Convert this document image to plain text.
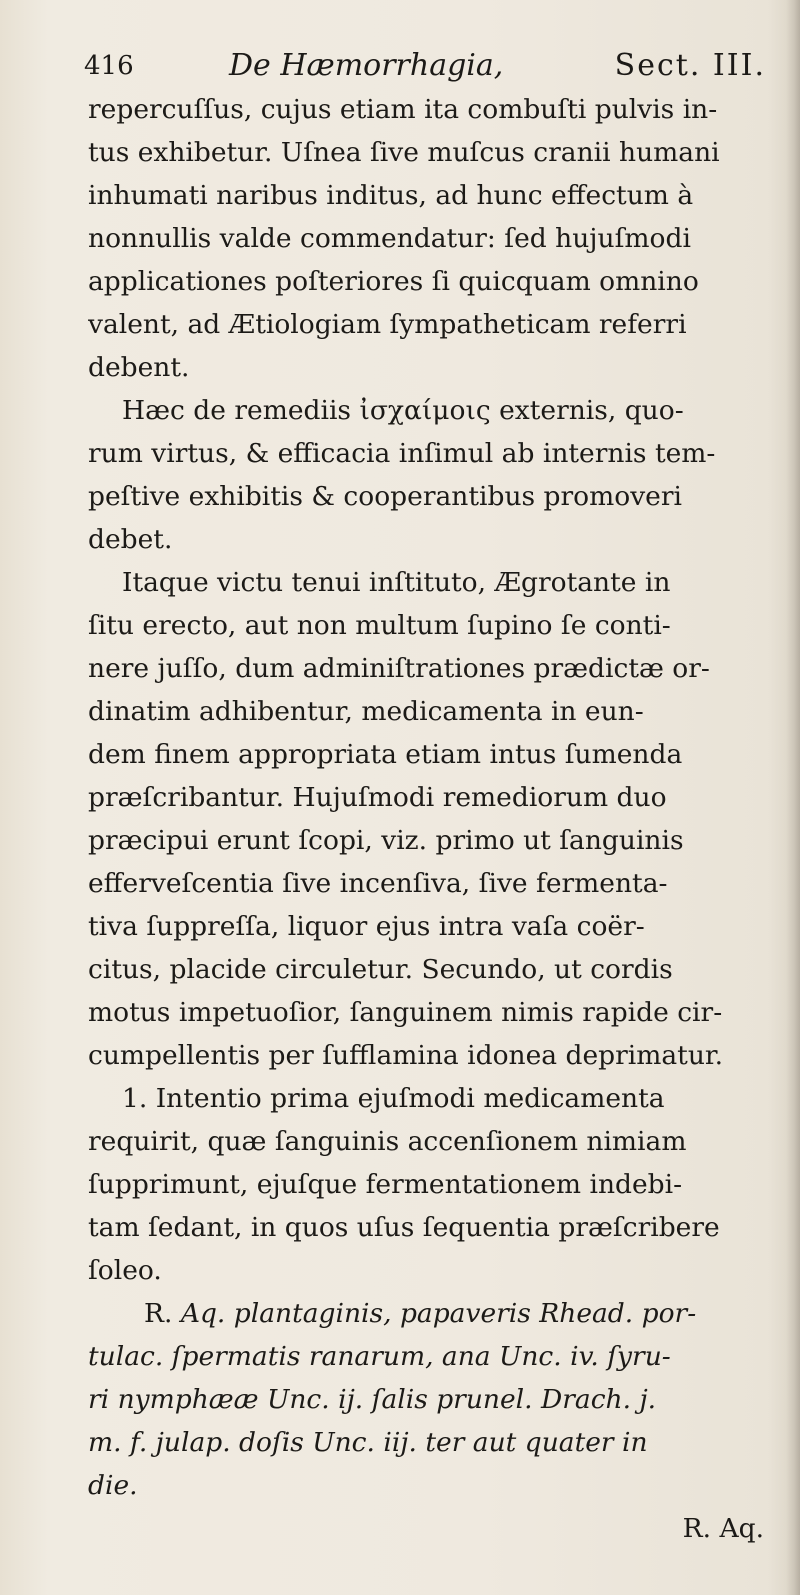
416	De Hæmorrhagia,	Sect. III.
repercuſſus, cujus etiam ita combuſti pulvis in-
tus exhibetur. Uſnea ſive muſcus cranii humani
inhumati naribus inditus, ad hunc effectum à
nonnullis valde commendatur: ſed hujuſmodi
applicationes poſteriores ſi quicquam omnino
valent, ad Ætiologiam ſympatheticam referri
debent.
Hæc de remediis ἰσχαίμοις externis, quo-
rum virtus, & efficacia inſimul ab internis tem-
peſtive exhibitis & cooperantibus promoveri
debet.
Itaque victu tenui inſtituto, Ægrotante in
ſitu erecto, aut non multum ſupino ſe conti-
nere juſſo, dum adminiſtrationes prædictæ or-
dinatim adhibentur, medicamenta in eun-
dem finem appropriata etiam intus ſumenda
præſcribantur. Hujuſmodi remediorum duo
præcipui erunt ſcopi, viz. primo ut ſanguinis
efferveſcentia ſive incenſiva, ſive fermenta-
tiva ſuppreſſa, liquor ejus intra vaſa coër-
citus, placide circuletur. Secundo, ut cordis
motus impetuoſior, ſanguinem nimis rapide cir-
cumpellentis per ſufflamina idonea deprimatur.
1. Intentio prima ejuſmodi medicamenta
requirit, quæ ſanguinis accenſionem nimiam
ſupprimunt, ejuſque fermentationem indebi-
tam ſedant, in quos uſus ſequentia præſcribere
ſoleo.
R. Aq. plantaginis, papaveris Rhead. por-
tulac. ſpermatis ranarum, ana Unc. iv. ſyru-
ri nymphææ Unc. ij. ſalis prunel. Drach. j.
m. f. julap. doſis Unc. iij. ter aut quater in
die.
R. Aq.
